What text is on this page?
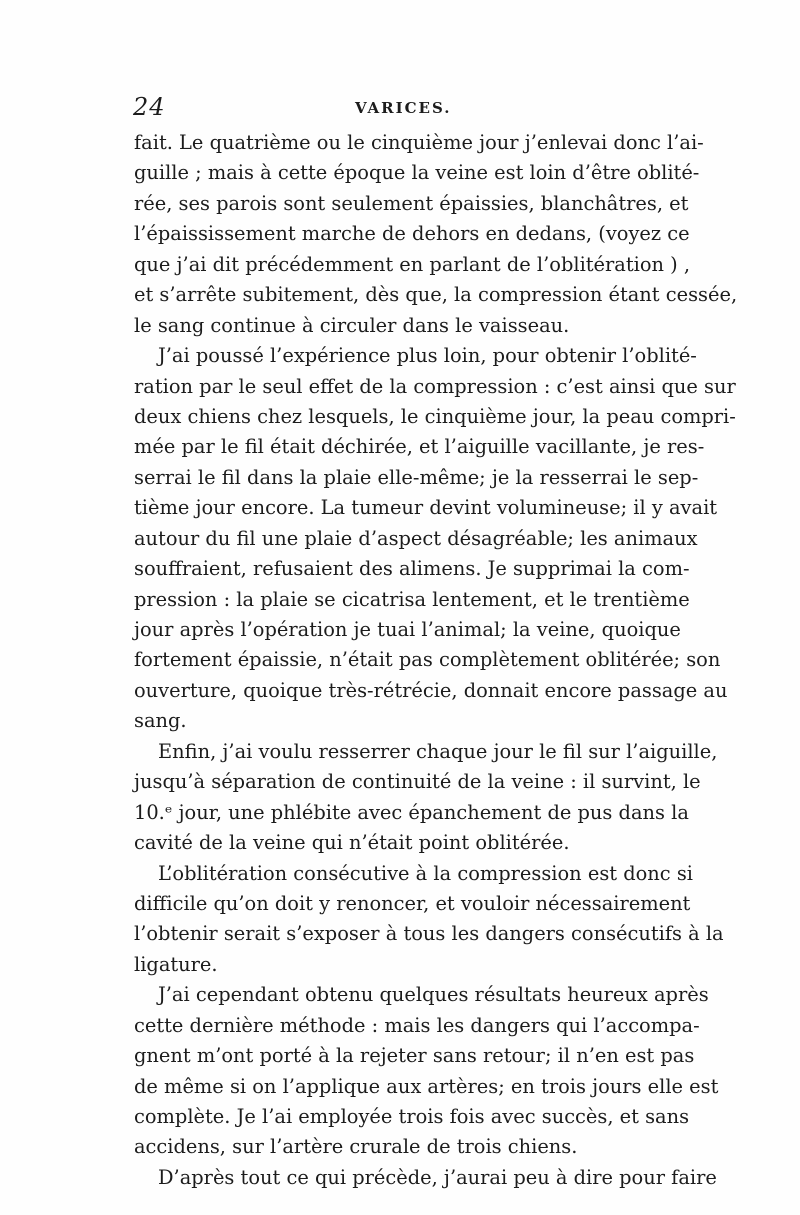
24	VARICES.
fait. Le quatrième ou le cinquième jour j’enlevai donc l’ai-
guille ; mais à cette époque la veine est loin d’être oblité-
rée, ses parois sont seulement épaissies, blanchâtres, et
l’épaississement marche de dehors en dedans, (voyez ce
que j’ai dit précédemment en parlant de l’oblitération ) ,
et s’arrête subitement, dès que, la compression étant cessée,
le sang continue à circuler dans le vaisseau.
J’ai poussé l’expérience plus loin, pour obtenir l’oblité-
ration par le seul effet de la compression : c’est ainsi que sur
deux chiens chez lesquels, le cinquième jour, la peau compri-
mée par le fil était déchirée, et l’aiguille vacillante, je res-
serrai le fil dans la plaie elle-même; je la resserrai le sep-
tième jour encore. La tumeur devint volumineuse; il y avait
autour du fil une plaie d’aspect désagréable; les animaux
souffraient, refusaient des alimens. Je supprimai la com-
pression : la plaie se cicatrisa lentement, et le trentième
jour après l’opération je tuai l’animal; la veine, quoique
fortement épaissie, n’était pas complètement oblitérée; son
ouverture, quoique très-rétrécie, donnait encore passage au
sang.
Enfin, j’ai voulu resserrer chaque jour le fil sur l’aiguille,
jusqu’à séparation de continuité de la veine : il survint, le
10.ᵉ jour, une phlébite avec épanchement de pus dans la
cavité de la veine qui n’était point oblitérée.
L’oblitération consécutive à la compression est donc si
difficile qu’on doit y renoncer, et vouloir nécessairement
l’obtenir serait s’exposer à tous les dangers consécutifs à la
ligature.
J’ai cependant obtenu quelques résultats heureux après
cette dernière méthode : mais les dangers qui l’accompa-
gnent m’ont porté à la rejeter sans retour; il n’en est pas
de même si on l’applique aux artères; en trois jours elle est
complète. Je l’ai employée trois fois avec succès, et sans
accidens, sur l’artère crurale de trois chiens.
D’après tout ce qui précède, j’aurai peu à dire pour faire
